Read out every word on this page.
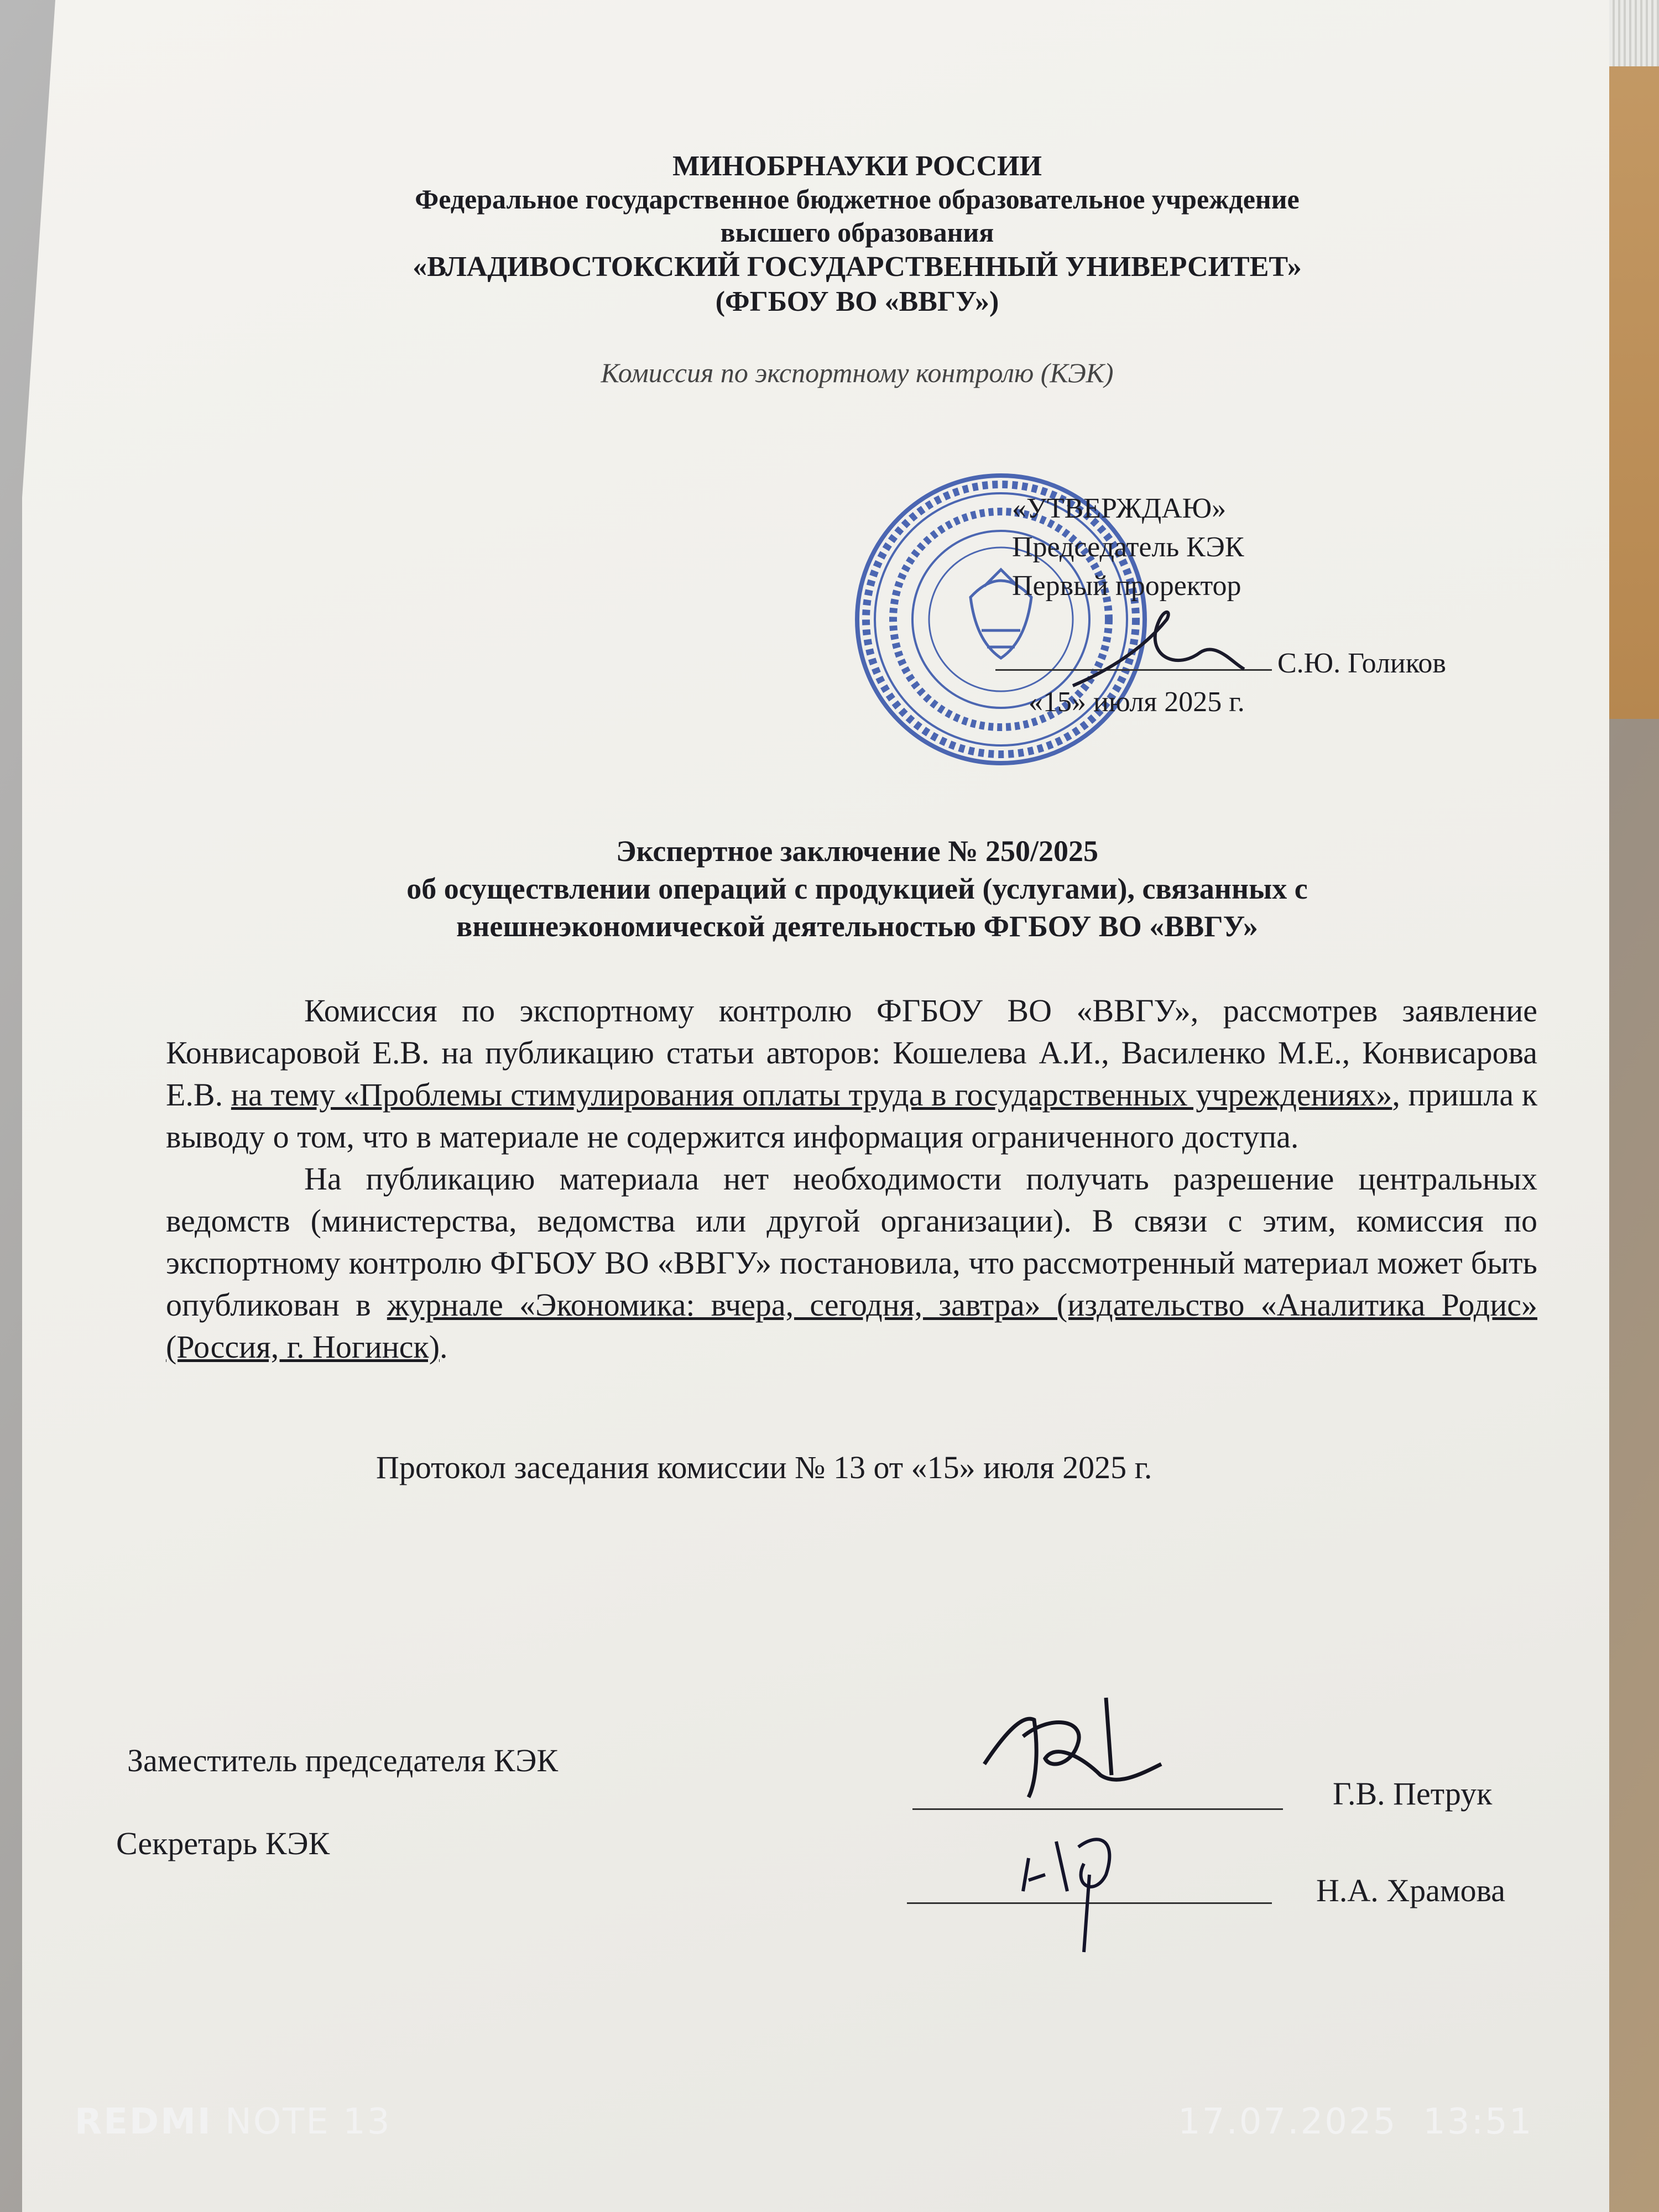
МИНОБРНАУКИ РОССИИ
Федеральное государственное бюджетное образовательное учреждение
высшего образования
«ВЛАДИВОСТОКСКИЙ ГОСУДАРСТВЕННЫЙ УНИВЕРСИТЕТ»
(ФГБОУ ВО «ВВГУ»)
Комиссия по экспортному контролю (КЭК)
«УТВЕРЖДАЮ»
Председатель КЭК
Первый проректор
С.Ю. Голиков
«15» июля 2025 г.
Экспертное заключение № 250/2025
об осуществлении операций с продукцией (услугами), связанных с
внешнеэкономической деятельностью ФГБОУ ВО «ВВГУ»

Комиссия по экспортному контролю ФГБОУ ВО «ВВГУ», рассмотрев заявление Конвисаровой Е.В. на публикацию статьи авторов: Кошелева А.И., Василенко М.Е., Конвисарова Е.В. на тему «Проблемы стимулирования оплаты труда в государственных учреждениях», пришла к выводу о том, что в материале не содержится информация ограниченного доступа.

На публикацию материала нет необходимости получать разрешение центральных ведомств (министерства, ведомства или другой организации). В связи с этим, комиссия по экспортному контролю ФГБОУ ВО «ВВГУ» постановила, что рассмотренный материал может быть опубликован в журнале «Экономика: вчера, сегодня, завтра» (издательство «Аналитика Родис» (Россия, г. Ногинск).

Протокол заседания комиссии № 13 от «15» июля 2025 г.
Заместитель председателя КЭК
Г.В. Петрук
Секретарь КЭК
Н.А. Храмова
REDMI NOTE 13	17.07.2025 13:51
